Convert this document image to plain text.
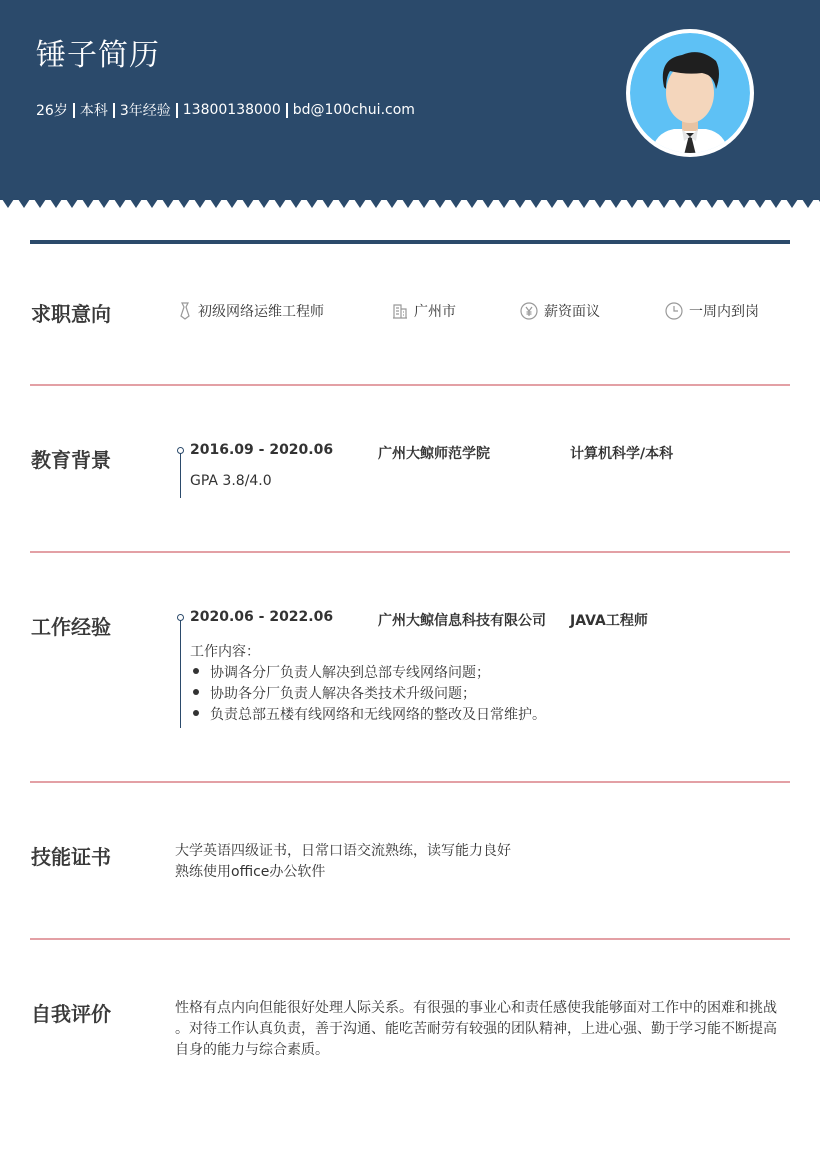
锤子简历
26岁 本科 3年经验 13800138000 bd@100chui.com
求职意向	初级网络运维工程师	广州市	薪资面议	一周内到岗
教育背景	2016.09 - 2020.06	广州大鲸师范学院	计算机科学/本科
GPA 3.8/4.0
工作经验	2020.06 - 2022.06	广州大鲸信息科技有限公司 JAVA工程师
工作内容：
协调各分厂负责人解决到总部专线网络问题；
协助各分厂负责人解决各类技术升级问题；
负责总部五楼有线网络和无线网络的整改及日常维护。
技能证书	大学英语四级证书，日常口语交流熟练，读写能力良好
熟练使用office办公软件
自我评价	性格有点内向但能很好处理人际关系。有很强的事业心和责任感使我能够面对工作中的困难和挑战
。对待工作认真负责，善于沟通、能吃苦耐劳有较强的团队精神，上进心强、勤于学习能不断提高
自身的能力与综合素质。
